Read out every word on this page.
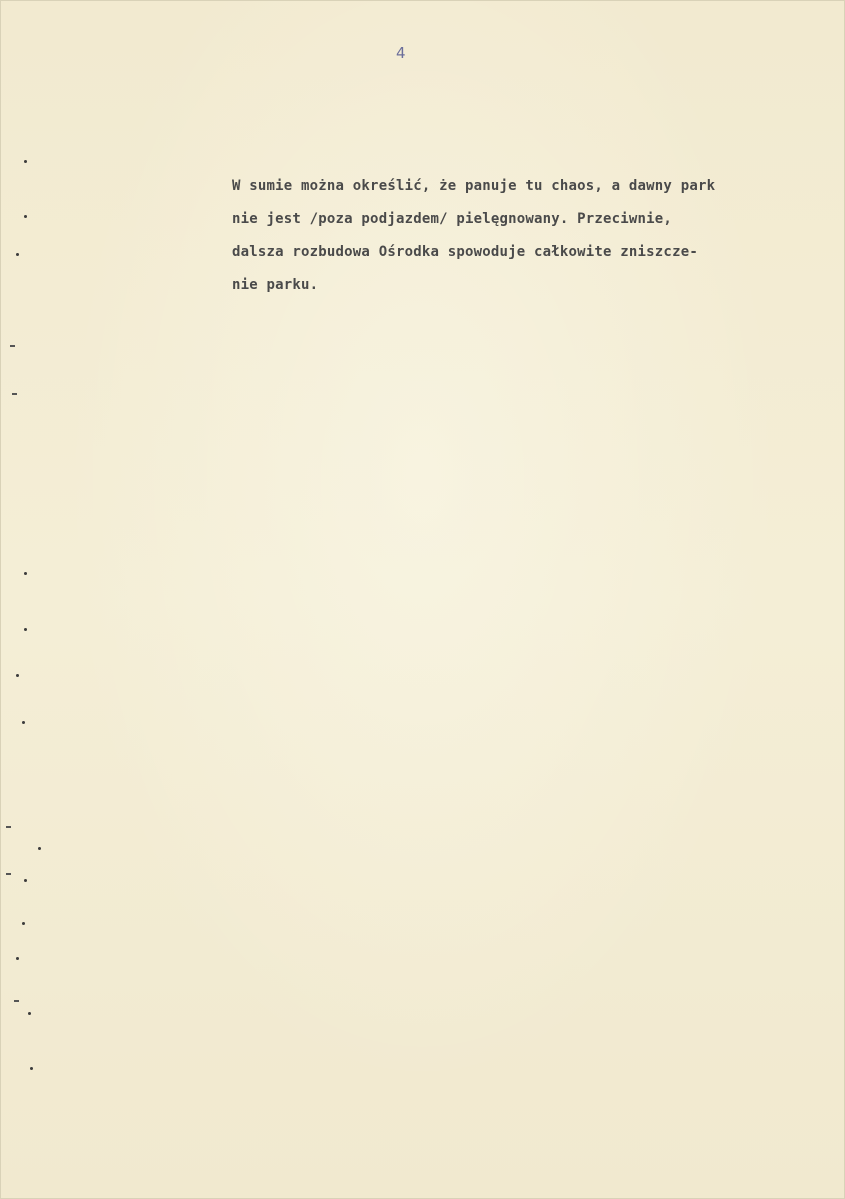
4

W sumie można określić, że panuje tu chaos, a dawny park
nie jest /poza podjazdem/ pielęgnowany. Przeciwnie,
dalsza rozbudowa Ośrodka spowoduje całkowite zniszcze-
nie parku.
